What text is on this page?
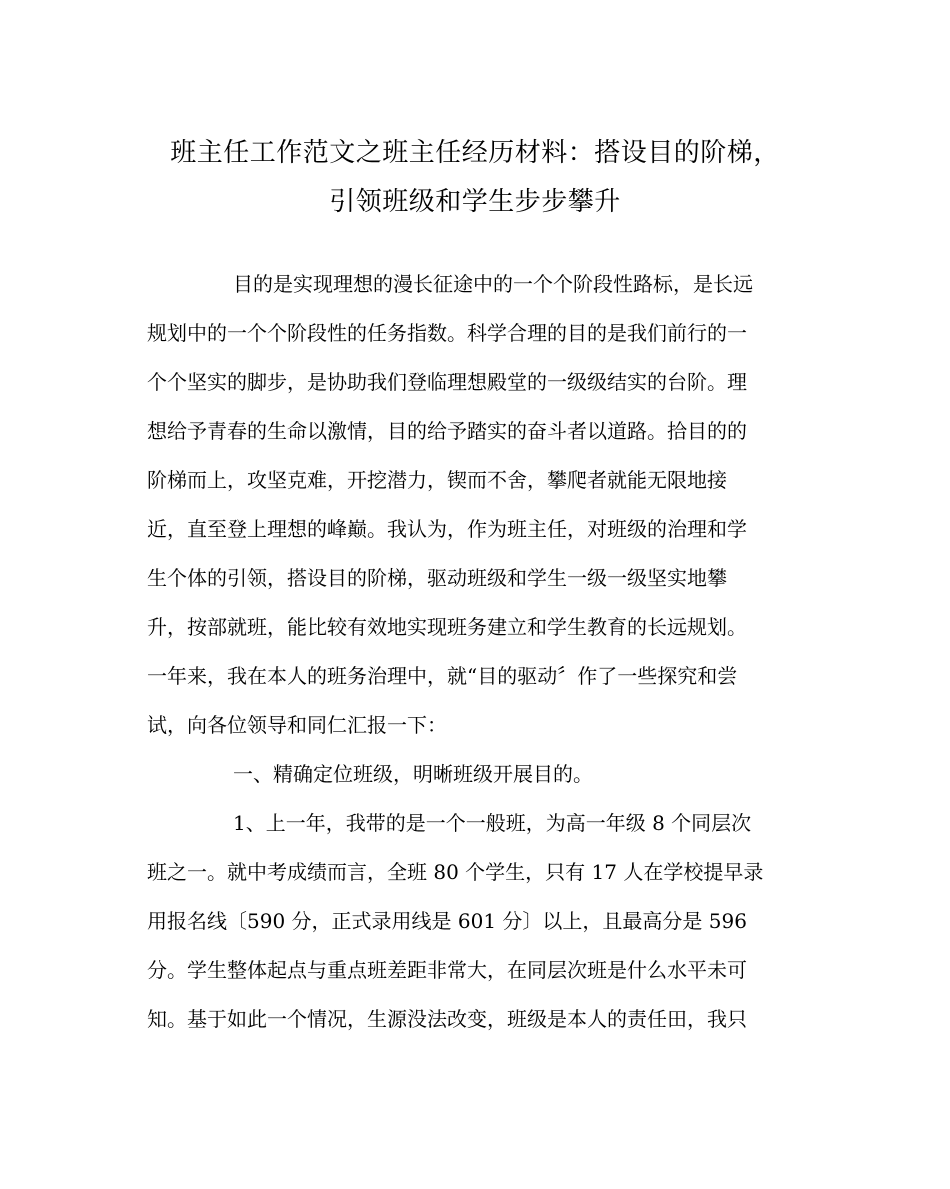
班主任工作范文之班主任经历材料：搭设目的阶梯，
引领班级和学生步步攀升
目的是实现理想的漫长征途中的一个个阶段性路标，是长远
规划中的一个个阶段性的任务指数。科学合理的目的是我们前行的一
个个坚实的脚步，是协助我们登临理想殿堂的一级级结实的台阶。理
想给予青春的生命以激情，目的给予踏实的奋斗者以道路。拾目的的
阶梯而上，攻坚克难，开挖潜力，锲而不舍，攀爬者就能无限地接
近，直至登上理想的峰巅。我认为，作为班主任，对班级的治理和学
生个体的引领，搭设目的阶梯，驱动班级和学生一级一级坚实地攀
升，按部就班，能比较有效地实现班务建立和学生教育的长远规划。
一年来，我在本人的班务治理中，就“目的驱动〞作了一些探究和尝
试，向各位领导和同仁汇报一下：
一、精确定位班级，明晰班级开展目的。
1、上一年，我带的是一个一般班，为高一年级 8 个同层次
班之一。就中考成绩而言，全班 80 个学生，只有 17 人在学校提早录
用报名线〔590 分，正式录用线是 601 分〕以上，且最高分是 596
分。学生整体起点与重点班差距非常大，在同层次班是什么水平未可
知。基于如此一个情况，生源没法改变，班级是本人的责任田，我只
